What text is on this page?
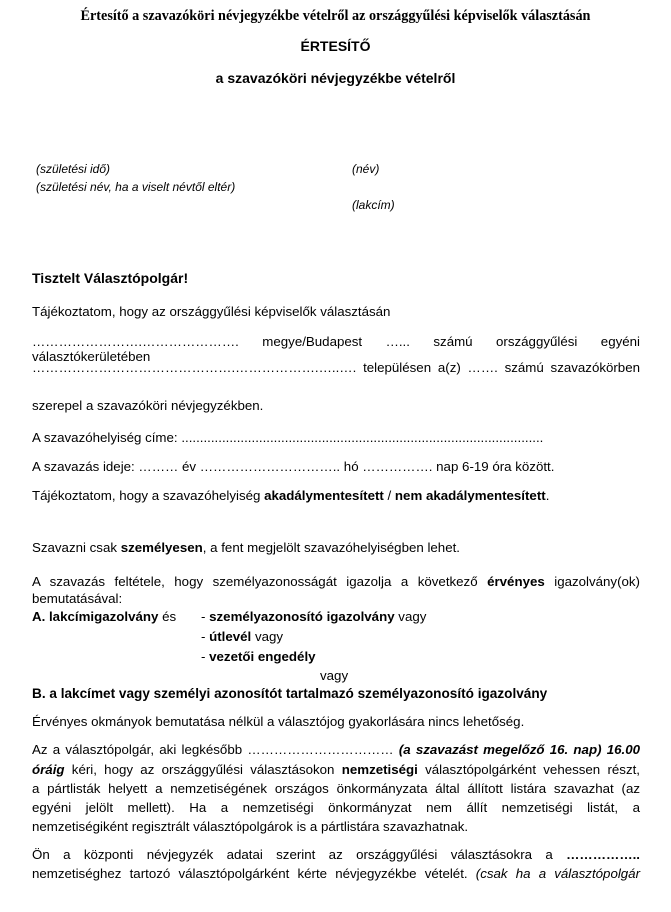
Értesítő a szavazóköri névjegyzékbe vételről az országgyűlési képviselők választásán
ÉRTESÍTŐ
a szavazóköri névjegyzékbe vételről
(születési idő)
(születési név, ha a viselt névtől eltér)
(név)
(lakcím)
Tisztelt Választópolgár!
Tájékoztatom, hogy az országgyűlési képviselők választásán
…………………….…………………. megye/Budapest …... számú országgyűlési egyéni választókerületében
……………………………………….……………….…..…. településen a(z) ……. számú szavazókörben
szerepel a szavazóköri névjegyzékben.
A szavazóhelyiség címe: ..................................................................................................
A szavazás ideje: ……… év ………………………….. hó ……………. nap 6-19 óra között.
Tájékoztatom, hogy a szavazóhelyiség akadálymentesített / nem akadálymentesített.
Szavazni csak személyesen, a fent megjelölt szavazóhelyiségben lehet.
A szavazás feltétele, hogy személyazonosságát igazolja a következő érvényes igazolvány(ok)
bemutatásával:
A. lakcímigazolvány és - személyazonosító igazolvány vagy
- útlevél vagy
- vezetői engedély
vagy
B. a lakcímet vagy személyi azonosítót tartalmazó személyazonosító igazolvány
Érvényes okmányok bemutatása nélkül a választójog gyakorlására nincs lehetőség.
Az a választópolgár, aki legkésőbb …………………………… (a szavazást megelőző 16. nap) 16.00
óráig kéri, hogy az országgyűlési választásokon nemzetiségi választópolgárként vehessen részt,
a pártlisták helyett a nemzetiségének országos önkormányzata által állított listára szavazhat (az
egyéni jelölt mellett). Ha a nemzetiségi önkormányzat nem állít nemzetiségi listát, a
nemzetiségiként regisztrált választópolgárok is a pártlistára szavazhatnak.
Ön a központi névjegyzék adatai szerint az országgyűlési választásokra a ……………..
nemzetiséghez tartozó választópolgárként kérte névjegyzékbe vételét. (csak ha a választópolgár
